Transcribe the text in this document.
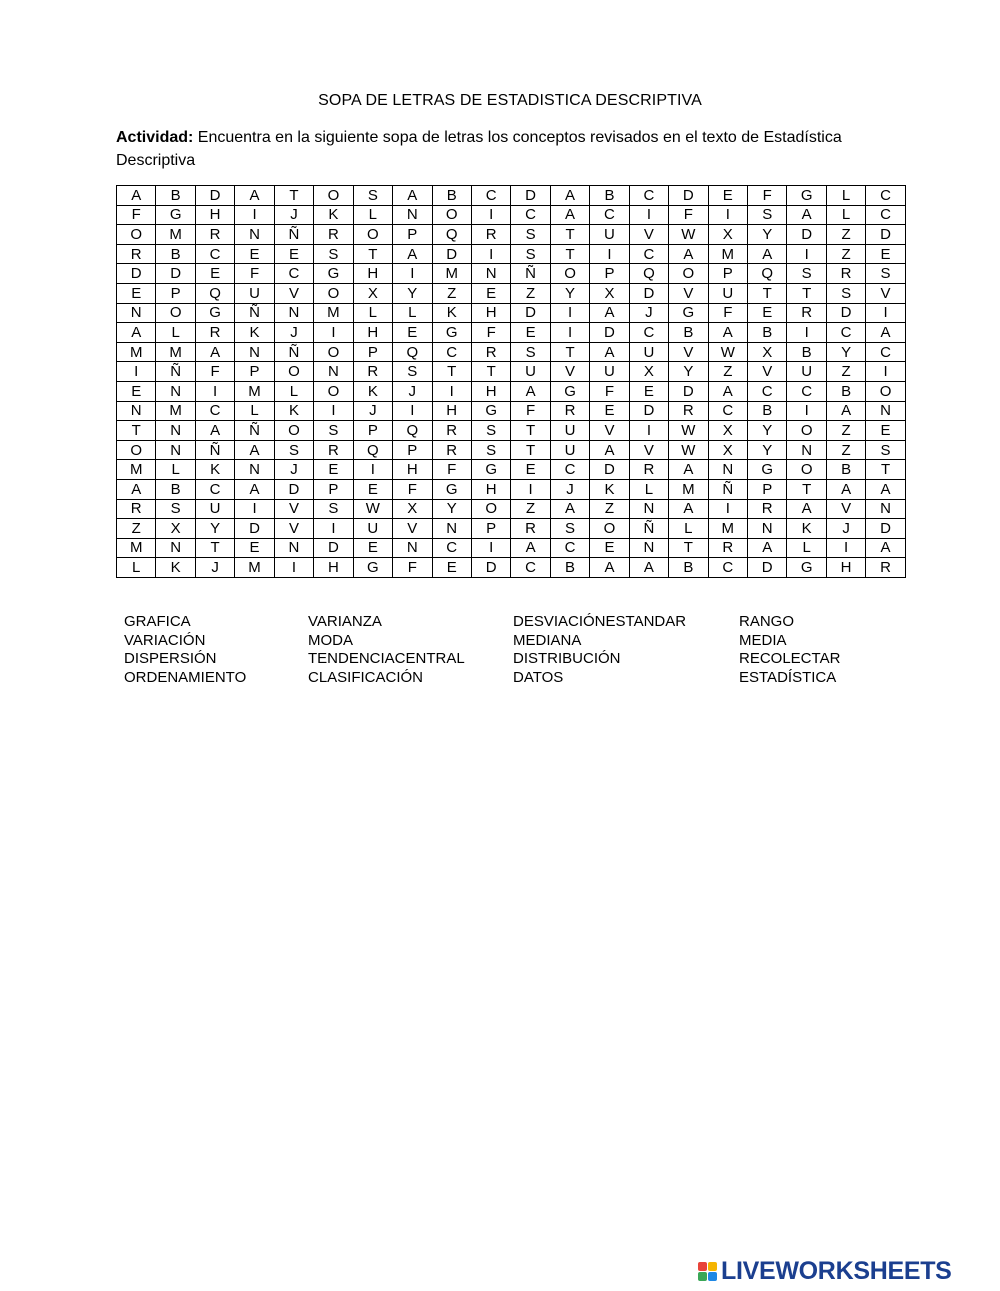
SOPA DE LETRAS DE ESTADISTICA DESCRIPTIVA
Actividad: Encuentra en la siguiente sopa de letras los conceptos revisados en el texto de Estadística Descriptiva
A	B	D	A	T	O	S	A	B	C	D	A	B	C	D	E	F	G	L	C
F	G	H	I	J	K	L	N	O	I	C	A	C	I	F	I	S	A	L	C
O	M	R	N	Ñ	R	O	P	Q	R	S	T	U	V	W	X	Y	D	Z	D
R	B	C	E	E	S	T	A	D	I	S	T	I	C	A	M	A	I	Z	E
D	D	E	F	C	G	H	I	M	N	Ñ	O	P	Q	O	P	Q	S	R	S
E	P	Q	U	V	O	X	Y	Z	E	Z	Y	X	D	V	U	T	T	S	V
N	O	G	Ñ	N	M	L	L	K	H	D	I	A	J	G	F	E	R	D	I
A	L	R	K	J	I	H	E	G	F	E	I	D	C	B	A	B	I	C	A
M	M	A	N	Ñ	O	P	Q	C	R	S	T	A	U	V	W	X	B	Y	C
I	Ñ	F	P	O	N	R	S	T	T	U	V	U	X	Y	Z	V	U	Z	I
E	N	I	M	L	O	K	J	I	H	A	G	F	E	D	A	C	C	B	O
N	M	C	L	K	I	J	I	H	G	F	R	E	D	R	C	B	I	A	N
T	N	A	Ñ	O	S	P	Q	R	S	T	U	V	I	W	X	Y	O	Z	E
O	N	Ñ	A	S	R	Q	P	R	S	T	U	A	V	W	X	Y	N	Z	S
M	L	K	N	J	E	I	H	F	G	E	C	D	R	A	N	G	O	B	T
A	B	C	A	D	P	E	F	G	H	I	J	K	L	M	Ñ	P	T	A	A
R	S	U	I	V	S	W	X	Y	O	Z	A	Z	N	A	I	R	A	V	N
Z	X	Y	D	V	I	U	V	N	P	R	S	O	Ñ	L	M	N	K	J	D
M	N	T	E	N	D	E	N	C	I	A	C	E	N	T	R	A	L	I	A
L	K	J	M	I	H	G	F	E	D	C	B	A	A	B	C	D	G	H	R
GRAFICA
VARIACIÓN
DISPERSIÓN
ORDENAMIENTO
VARIANZA
MODA
TENDENCIACENTRAL
CLASIFICACIÓN
DESVIACIÓNESTANDAR
MEDIANA
DISTRIBUCIÓN
DATOS
RANGO
MEDIA
RECOLECTAR
ESTADÍSTICA
LIVEWORKSHEETS
